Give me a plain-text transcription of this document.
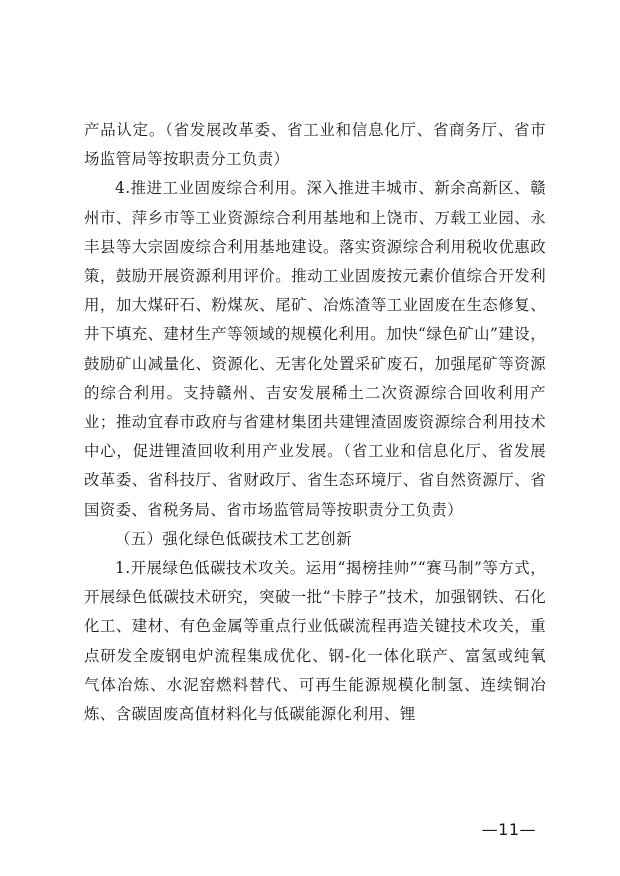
产品认定。（省发展改革委、省工业和信息化厅、省商务厅、省市场监管局等按职责分工负责）

4.推进工业固废综合利用。深入推进丰城市、新余高新区、赣州市、萍乡市等工业资源综合利用基地和上饶市、万载工业园、永丰县等大宗固废综合利用基地建设。落实资源综合利用税收优惠政策，鼓励开展资源利用评价。推动工业固废按元素价值综合开发利用，加大煤矸石、粉煤灰、尾矿、冶炼渣等工业固废在生态修复、井下填充、建材生产等领域的规模化利用。加快“绿色矿山”建设，鼓励矿山减量化、资源化、无害化处置采矿废石，加强尾矿等资源的综合利用。支持赣州、吉安发展稀土二次资源综合回收利用产业；推动宜春市政府与省建材集团共建锂渣固废资源综合利用技术中心，促进锂渣回收利用产业发展。（省工业和信息化厅、省发展改革委、省科技厅、省财政厅、省生态环境厅、省自然资源厅、省国资委、省税务局、省市场监管局等按职责分工负责）

（五）强化绿色低碳技术工艺创新

1.开展绿色低碳技术攻关。运用“揭榜挂帅”“赛马制”等方式，开展绿色低碳技术研究，突破一批“卡脖子”技术，加强钢铁、石化化工、建材、有色金属等重点行业低碳流程再造关键技术攻关，重点研发全废钢电炉流程集成优化、钢-化一体化联产、富氢或纯氧气体冶炼、水泥窑燃料替代、可再生能源规模化制氢、连续铜冶炼、含碳固废高值材料化与低碳能源化利用、锂

—11—
